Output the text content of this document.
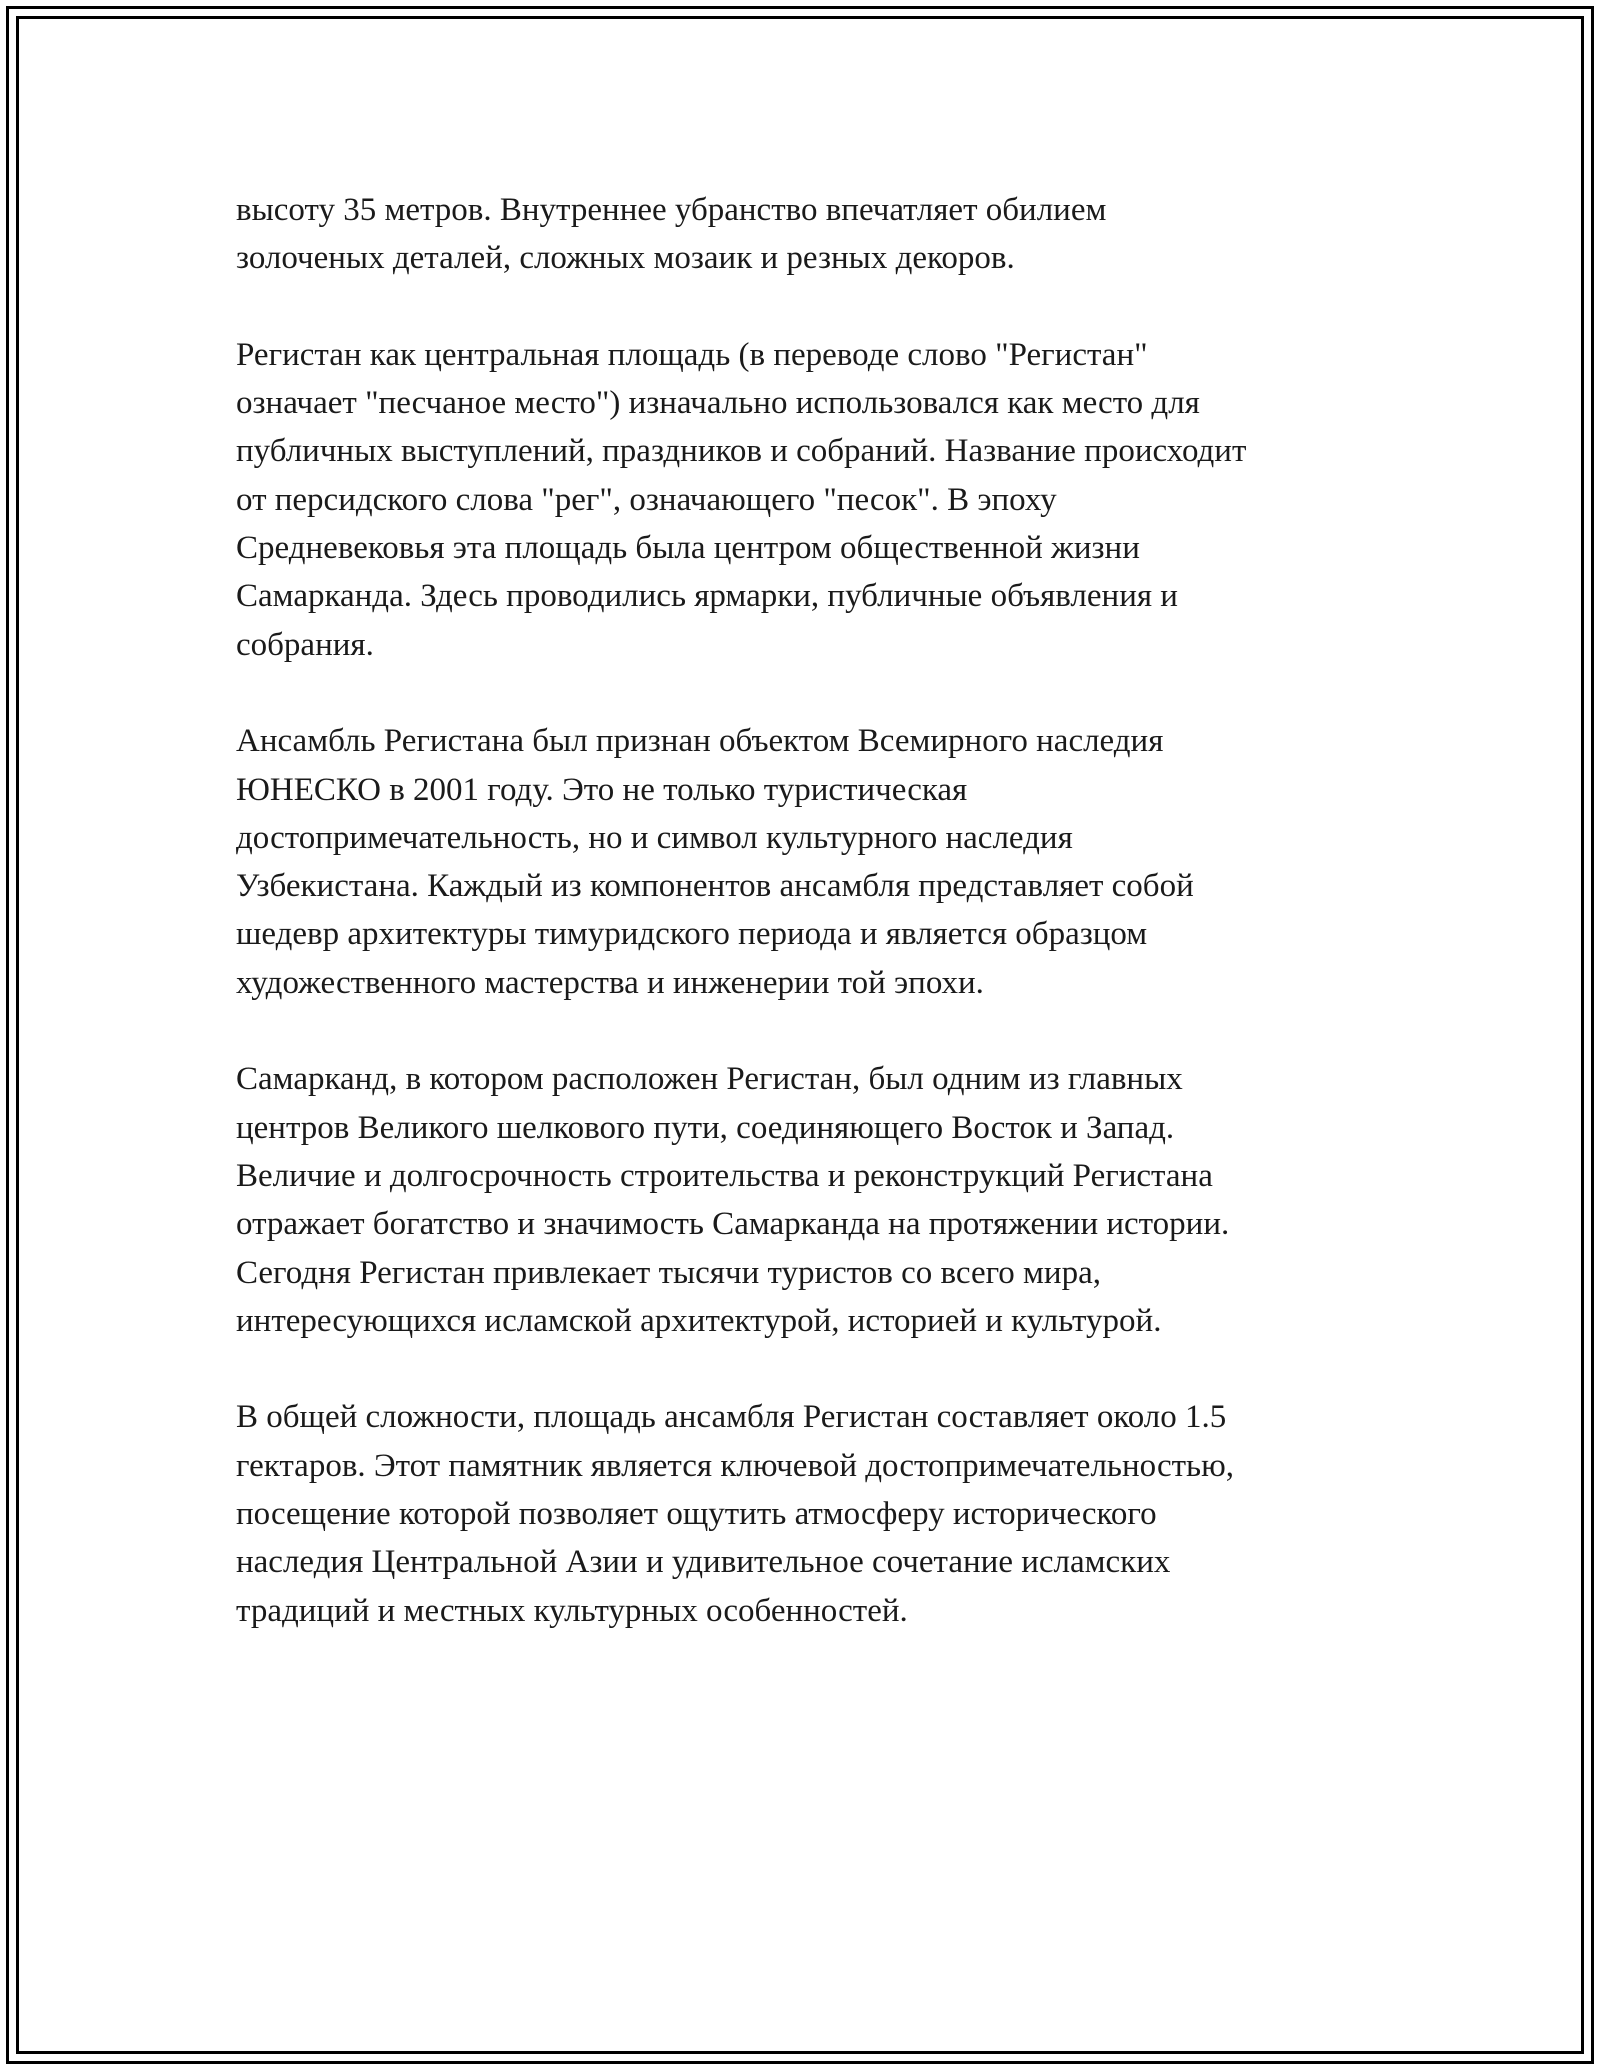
высоту 35 метров. Внутреннее убранство впечатляет обилием
золоченых деталей, сложных мозаик и резных декоров.

Регистан как центральная площадь (в переводе слово "Регистан"
означает "песчаное место") изначально использовался как место для
публичных выступлений, праздников и собраний. Название происходит
от персидского слова "рег", означающего "песок". В эпоху
Средневековья эта площадь была центром общественной жизни
Самарканда. Здесь проводились ярмарки, публичные объявления и
собрания.

Ансамбль Регистана был признан объектом Всемирного наследия
ЮНЕСКО в 2001 году. Это не только туристическая
достопримечательность, но и символ культурного наследия
Узбекистана. Каждый из компонентов ансамбля представляет собой
шедевр архитектуры тимуридского периода и является образцом
художественного мастерства и инженерии той эпохи.

Самарканд, в котором расположен Регистан, был одним из главных
центров Великого шелкового пути, соединяющего Восток и Запад.
Величие и долгосрочность строительства и реконструкций Регистана
отражает богатство и значимость Самарканда на протяжении истории.
Сегодня Регистан привлекает тысячи туристов со всего мира,
интересующихся исламской архитектурой, историей и культурой.

В общей сложности, площадь ансамбля Регистан составляет около 1.5
гектаров. Этот памятник является ключевой достопримечательностью,
посещение которой позволяет ощутить атмосферу исторического
наследия Центральной Азии и удивительное сочетание исламских
традиций и местных культурных особенностей.
